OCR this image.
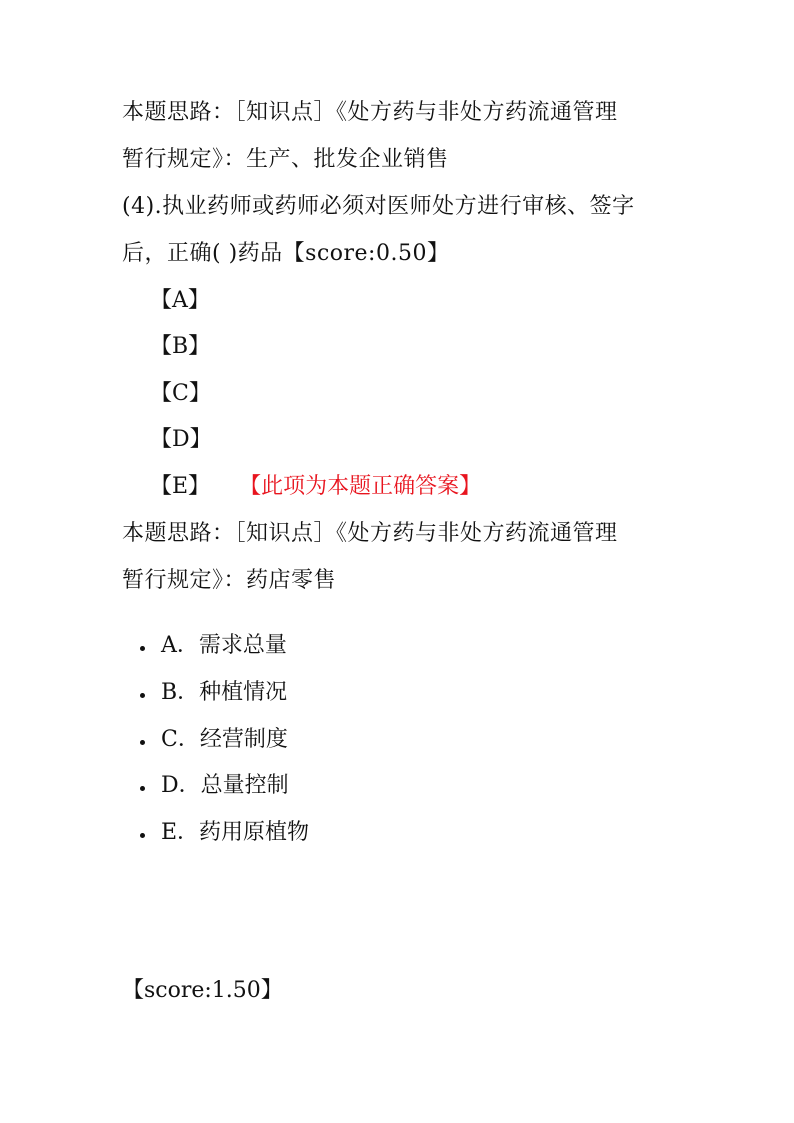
本题思路：［知识点］《处方药与非处方药流通管理
暂行规定》：生产、批发企业销售
(4).执业药师或药师必须对医师处方进行审核、签字
后，正确( )药品【score:0.50】
【A】
【B】
【C】
【D】
【E】 【此项为本题正确答案】
本题思路：［知识点］《处方药与非处方药流通管理
暂行规定》：药店零售
A．需求总量
B．种植情况
C．经营制度
D．总量控制
E．药用原植物
【score:1.50】
